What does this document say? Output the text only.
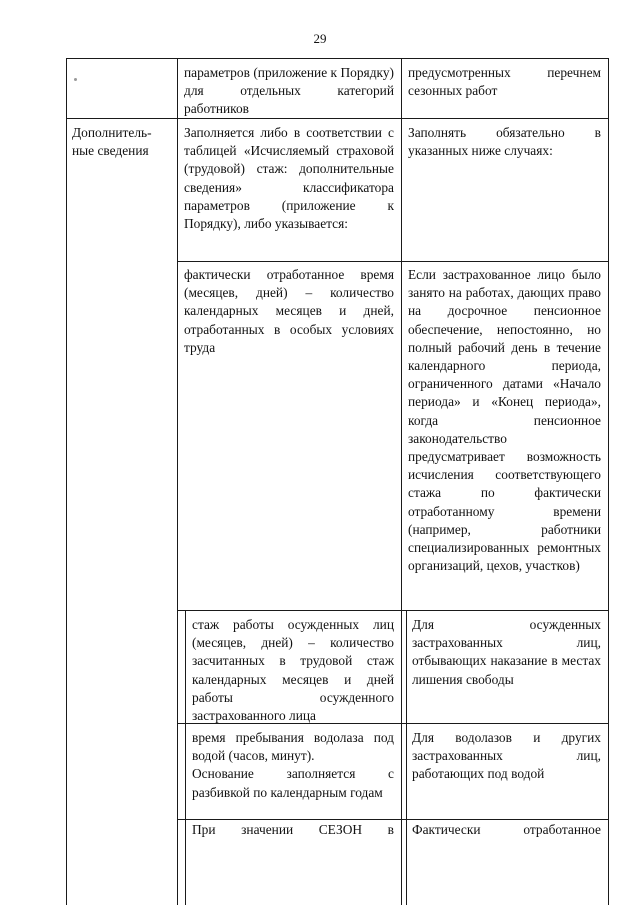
29

параметров (приложение к Порядку) для отдельных категорий работников

предусмотренных перечнем сезонных работ

Дополнитель-ные сведения

Заполняется либо в соответствии с таблицей «Исчисляемый страховой (трудовой) стаж: дополнительные сведения» классификатора параметров (приложение к Порядку), либо указывается:

Заполнять обязательно в указанных ниже случаях:

фактически отработанное время (месяцев, дней) – количество календарных месяцев и дней, отработанных в особых условиях труда

Если застрахованное лицо было занято на работах, дающих право на досрочное пенсионное обеспечение, непостоянно, но полный рабочий день в течение календарного периода, ограниченного датами «Начало периода» и «Конец периода», когда пенсионное законодательство предусматривает возможность исчисления соответствующего стажа по фактически отработанному времени (например, работники специализированных ремонтных организаций, цехов, участков)

стаж работы осужденных лиц (месяцев, дней) – количество засчитанных в трудовой стаж календарных месяцев и дней работы осужденного застрахованного лица

Для осужденных застрахованных лиц, отбывающих наказание в местах лишения свободы

время пребывания водолаза под водой (часов, минут).

Основание заполняется с разбивкой по календарным годам

Для водолазов и других застрахованных лиц, работающих под водой

При значении СЕЗОН в Фактически отработанное
